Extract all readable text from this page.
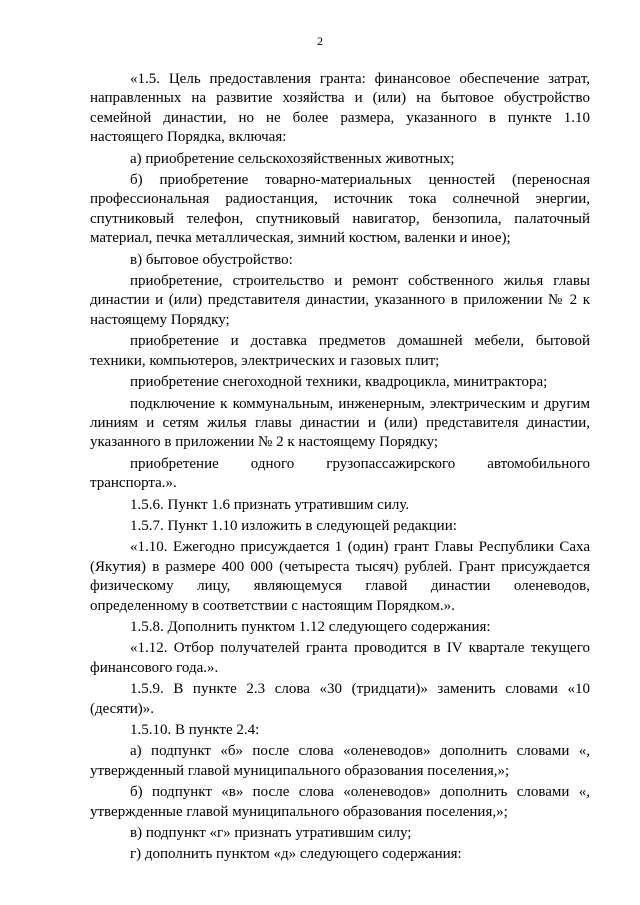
2

«1.5. Цель предоставления гранта: финансовое обеспечение затрат, направленных на развитие хозяйства и (или) на бытовое обустройство семейной династии, но не более размера, указанного в пункте 1.10 настоящего Порядка, включая:

а) приобретение сельскохозяйственных животных;

б) приобретение товарно-материальных ценностей (переносная профессиональная радиостанция, источник тока солнечной энергии, спутниковый телефон, спутниковый навигатор, бензопила, палаточный материал, печка металлическая, зимний костюм, валенки и иное);

в) бытовое обустройство:

приобретение, строительство и ремонт собственного жилья главы династии и (или) представителя династии, указанного в приложении № 2 к настоящему Порядку;

приобретение и доставка предметов домашней мебели, бытовой техники, компьютеров, электрических и газовых плит;

приобретение снегоходной техники, квадроцикла, минитрактора;

подключение к коммунальным, инженерным, электрическим и другим линиям и сетям жилья главы династии и (или) представителя династии, указанного в приложении № 2 к настоящему Порядку;

приобретение одного грузопассажирского автомобильного транспорта.».

1.5.6. Пункт 1.6 признать утратившим силу.

1.5.7. Пункт 1.10 изложить в следующей редакции:

«1.10. Ежегодно присуждается 1 (один) грант Главы Республики Саха (Якутия) в размере 400 000 (четыреста тысяч) рублей. Грант присуждается физическому лицу, являющемуся главой династии оленеводов, определенному в соответствии с настоящим Порядком.».

1.5.8. Дополнить пунктом 1.12 следующего содержания:

«1.12. Отбор получателей гранта проводится в IV квартале текущего финансового года.».

1.5.9. В пункте 2.3 слова «30 (тридцати)» заменить словами «10 (десяти)».

1.5.10. В пункте 2.4:

а) подпункт «б» после слова «оленеводов» дополнить словами «, утвержденный главой муниципального образования поселения,»;

б) подпункт «в» после слова «оленеводов» дополнить словами «, утвержденные главой муниципального образования поселения,»;

в) подпункт «г» признать утратившим силу;

г) дополнить пунктом «д» следующего содержания:
